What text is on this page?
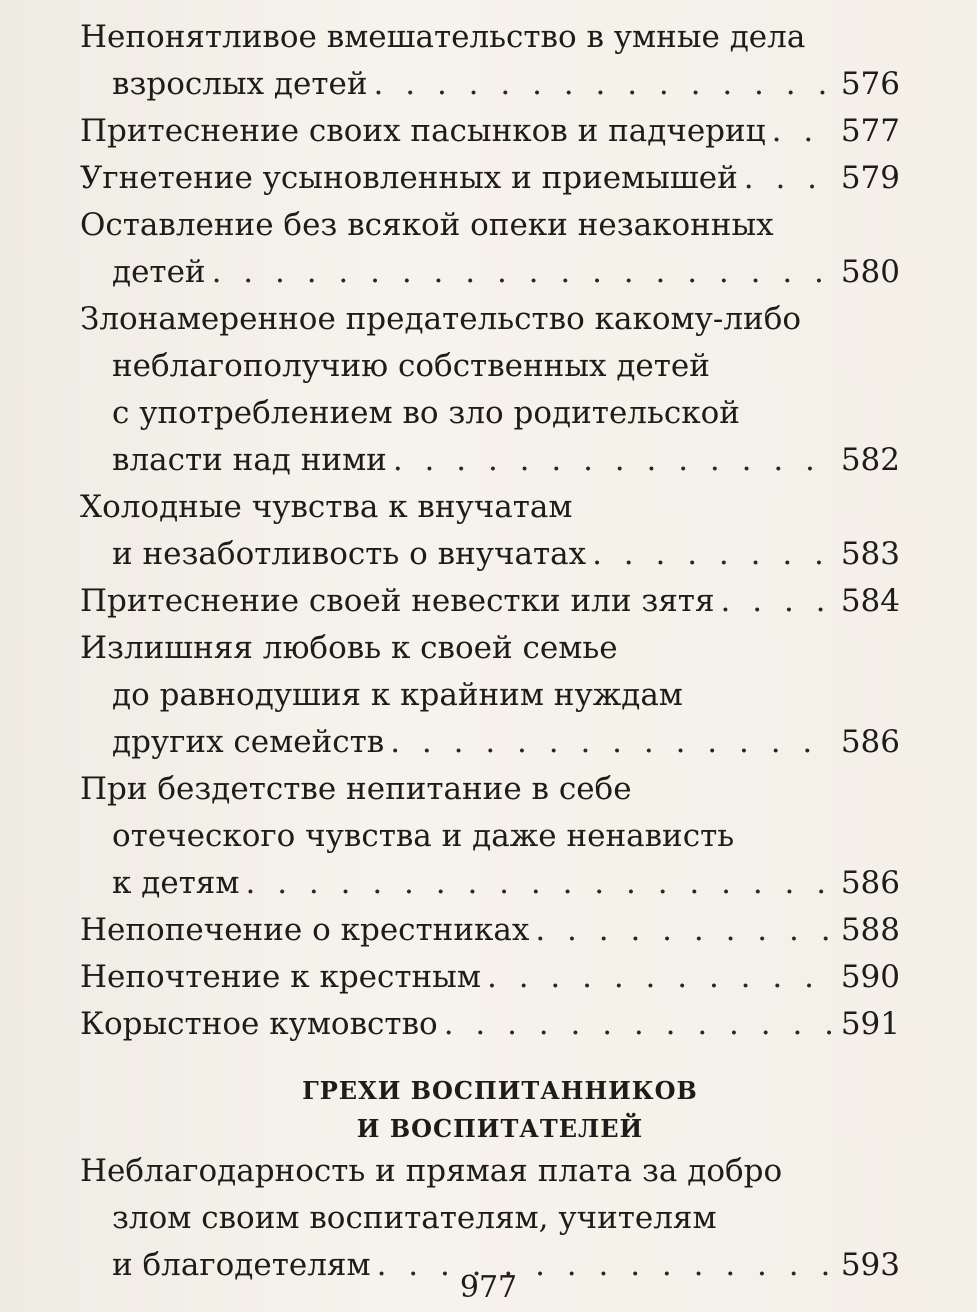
Непонятливое вмешательство в умные дела
взрослых детей . . .	576
Притеснение своих пасынков и падчериц . . . 577
Угнетение усыновленных и приемышей . . .	579
Оставление без всякой опеки незаконных
детей . . .	580
Злонамеренное предательство какому-либо
неблагополучию собственных детей
с употреблением во зло родительской
власти над ними . . .	582
Холодные чувства к внучатам
и незаботливость о внучатах . . .	583
Притеснение своей невестки или зятя . . .	584
Излишняя любовь к своей семье
до равнодушия к крайним нуждам
других семейств . . .	586
При бездетстве непитание в себе
отеческого чувства и даже ненависть
к детям . . .	586
Непопечение о крестниках . . .	588
Непочтение к крестным . . .	590
Корыстное кумовство . . .	591
ГРЕХИ ВОСПИТАННИКОВ
И ВОСПИТАТЕЛЕЙ
Неблагодарность и прямая плата за добро
злом своим воспитателям, учителям
и благодетелям . . .	593
977
